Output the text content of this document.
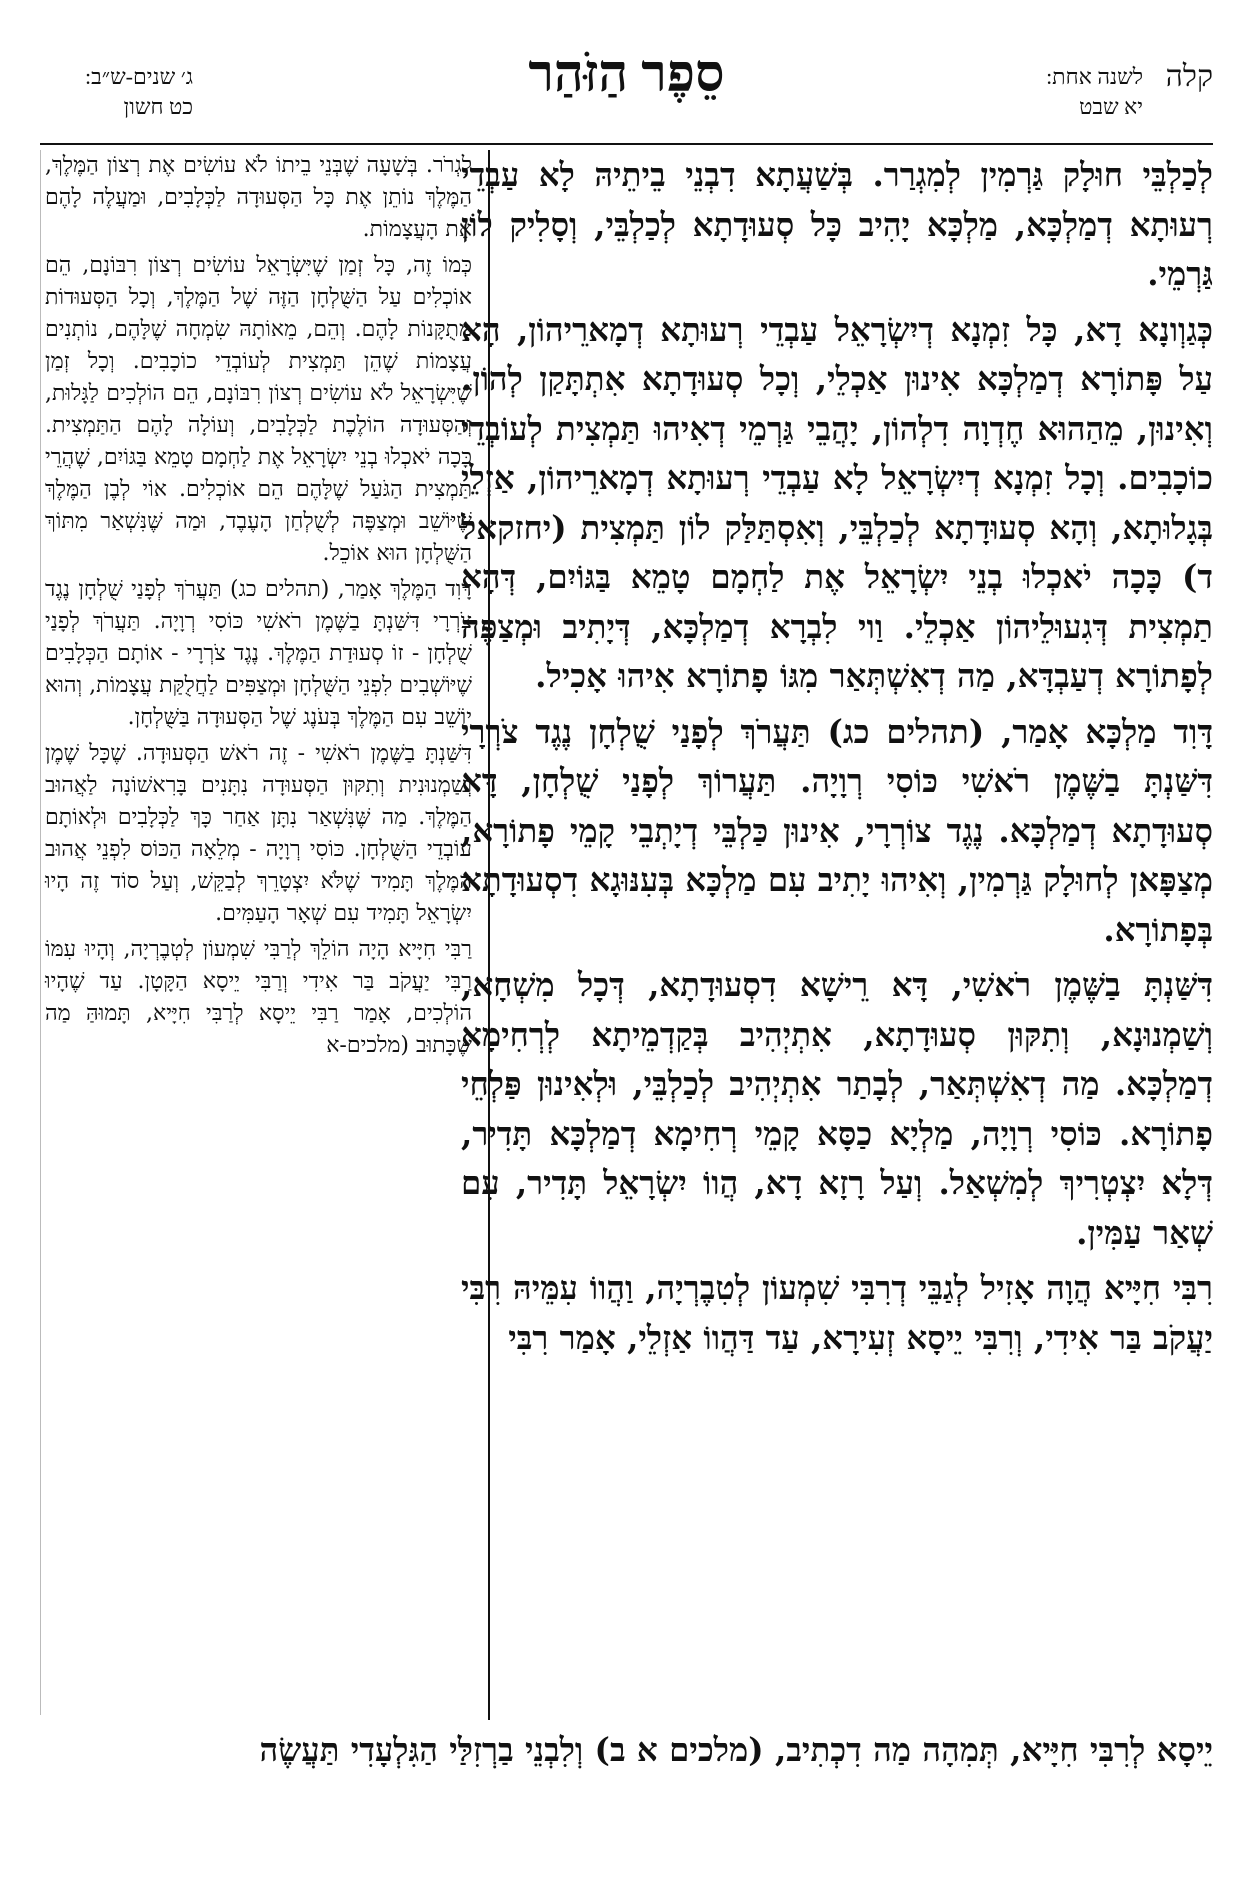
קלה
לשנה אחת:
יא שבט
סֵפֶר הַזֹּהַר
ג׳ שנים-ש״ב:
כט חשון

לְכַלְבֵּי חוּלָק גַּרְמִין לְמִגְרַר. בְּשַׁעֲתָא דִבְנֵי בֵיתֵיהּ לָא עַבְדֵי רְעוּתָא דְמַלְכָּא, מַלְכָּא יָהִיב כָּל סְעוּדָתָא לְכַלְבֵּי, וְסָלִיק לוֹן גַּרְמֵי.

כְּגַוְונָא דָא, כָּל זִמְנָא דְיִשְׂרָאֵל עַבְדֵי רְעוּתָא דְמָארֵיהוֹן, הָא עַל פָּתוֹרָא דְמַלְכָּא אִינוּן אַכְלֵי, וְכָל סְעוּדָתָא אִתְתָּקַן לְהוֹן. וְאִינוּן, מֵהַהוּא חֶדְוָה דִלְהוֹן, יָהֲבֵי גַּרְמֵי דְאִיהוּ תַּמְצִית לְעוֹבְדֵי כוֹכָבִים. וְכָל זִמְנָא דְיִשְׂרָאֵל לָא עַבְדֵי רְעוּתָא דְמָארֵיהוֹן, אַזְלֵי בְּגָלוּתָא, וְהָא סְעוּדָתָא לְכַלְבֵּי, וְאִסְתַּלַּק לוֹן תַּמְצִית (יחזקאל ד) כָּכָה יֹאכְלוּ בְנֵי יִשְׂרָאֵל אֶת לַחְמָם טָמֵא בַּגּוֹיִם, דְּהָא תַמְצִית דְּגִעוּלֵיהוֹן אַכְלֵי. וַוי לִבְרָא דְמַלְכָּא, דְּיָתִיב וּמְצַפֶּה לְפָתוֹרָא דְעַבְדָּא, מַה דְאִשְׁתְּאַר מִגּוֹ פָתוֹרָא אִיהוּ אָכִיל.

דָּוִד מַלְכָּא אָמַר, (תהלים כג) תַּעֲרֹךְ לְפָנַי שֻׁלְחָן נֶגֶד צֹרְרָי דִּשַּׁנְתָּ בַשֶּׁמֶן רֹאשִׁי כּוֹסִי רְוָיָה. תַּעֲרוֹךְ לְפָנַי שֻׁלְחָן, דָּא סְעוּדָתָא דְמַלְכָּא. נֶגֶד צוֹרְרָי, אִינוּן כַּלְבֵּי דְיָתְבֵי קָמֵי פָתוֹרָא, מְצַפָּאן לְחוּלָק גַּרְמִין, וְאִיהוּ יָתִיב עִם מַלְכָּא בְּעִנּוּגָא דִסְעוּדָתָא בְּפָתוֹרָא.

דִּשַּׁנְתָּ בַשֶּׁמֶן רֹאשִׁי, דָּא רֵישָׁא דִסְעוּדָתָא, דְּכָל מִשְׁחָא, וְשַׁמְנוּנָא, וְתִקּוּן סְעוּדָתָא, אִתְיְהִיב בְּקַדְמֵיתָא לְרְחִימָא דְמַלְכָּא. מַה דְאִשְׁתְּאַר, לְבָתַר אִתְיְהִיב לְכַלְבֵּי, וּלְאִינוּן פַּלְחֵי פָתוֹרָא. כּוֹסִי רְוָיָה, מַלְיָא כַסָּא קָמֵי רְחִימָא דְמַלְכָּא תָּדִיר, דְּלָא יִצְטְרִיךְ לְמִשְׁאַל. וְעַל רָזָא דָא, הֲווֹ יִשְׂרָאֵל תָּדִיר, עִם שְׁאַר עַמִּין.

רִבִּי חִיָּיא הֲוָה אָזִיל לְגַבֵּי דְרִבִּי שִׁמְעוֹן לְטִבֶרְיָה, וַהֲווֹ עִמֵּיהּ רִבִּי יַעֲקֹב בַּר אִידִי, וְרִבִּי יֵיסָא זְעִירָא, עַד דַּהֲווֹ אַזְלֵי, אָמַר רִבִּי

לִגְרֹר. בְּשָׁעָה שֶׁבְּנֵי בֵיתוֹ לֹא עוֹשִׂים אֶת רְצוֹן הַמֶּלֶךְ, הַמֶּלֶךְ נוֹתֵן אֶת כָּל הַסְּעוּדָה לַכְּלָבִים, וּמַעֲלֶה לָהֶם אֶת הָעֲצָמוֹת.

כְּמוֹ זֶה, כָּל זְמַן שֶׁיִּשְׂרָאֵל עוֹשִׂים רְצוֹן רִבּוֹנָם, הֵם אוֹכְלִים עַל הַשֻּׁלְחָן הַזֶּה שֶׁל הַמֶּלֶךְ, וְכָל הַסְּעוּדוֹת מְתֻקָּנוֹת לָהֶם. וְהֵם, מֵאוֹתָהּ שִׂמְחָה שֶׁלָּהֶם, נוֹתְנִים עֲצָמוֹת שֶׁהֵן תַּמְצִית לְעוֹבְדֵי כוֹכָבִים. וְכָל זְמַן שֶׁיִּשְׂרָאֵל לֹא עוֹשִׂים רְצוֹן רִבּוֹנָם, הֵם הוֹלְכִים לַגָּלוּת, וְהַסְּעוּדָה הוֹלֶכֶת לַכְּלָבִים, וְעוֹלָה לָהֶם הַתַּמְצִית. כָּכָה יֹאכְלוּ בְנֵי יִשְׂרָאֵל אֶת לַחְמָם טָמֵא בַּגּוֹיִם, שֶׁהֲרֵי תַּמְצִית הַגֹּעַל שֶׁלָּהֶם הֵם אוֹכְלִים. אוֹי לְבֶן הַמֶּלֶךְ שֶׁיּוֹשֵׁב וּמְצַפֶּה לְשֻׁלְחַן הָעֶבֶד, וּמַה שֶּׁנִּשְׁאַר מִתּוֹךְ הַשֻּׁלְחָן הוּא אוֹכֵל.

דָּוִד הַמֶּלֶךְ אָמַר, (תהלים כג) תַּעֲרֹךְ לְפָנַי שֻׁלְחָן נֶגֶד צֹרְרָי דִּשַּׁנְתָּ בַשֶּׁמֶן רֹאשִׁי כּוֹסִי רְוָיָה. תַּעֲרֹךְ לְפָנַי שֻׁלְחָן - זוֹ סְעוּדַת הַמֶּלֶךְ. נֶגֶד צֹרְרָי - אוֹתָם הַכְּלָבִים שֶׁיּוֹשְׁבִים לִפְנֵי הַשֻּׁלְחָן וּמְצַפִּים לַחֲלֻקַּת עֲצָמוֹת, וְהוּא יוֹשֵׁב עִם הַמֶּלֶךְ בְּעֹנֶג שֶׁל הַסְּעוּדָה בַּשֻּׁלְחָן.

דִּשַּׁנְתָּ בַשֶּׁמֶן רֹאשִׁי - זֶה רֹאשׁ הַסְּעוּדָה. שֶׁכָּל שֶׁמֶן וְשַׁמְנוּנִית וְתִקּוּן הַסְּעוּדָה נִתָּנִים בָּרִאשׁוֹנָה לַאֲהוּב הַמֶּלֶךְ. מַה שֶּׁנִּשְׁאַר נִתָּן אַחַר כָּךְ לַכְּלָבִים וּלְאוֹתָם עוֹבְדֵי הַשֻּׁלְחָן. כּוֹסִי רְוָיָה - מְלֵאָה הַכּוֹס לִפְנֵי אֲהוּב הַמֶּלֶךְ תָּמִיד שֶׁלֹּא יִצְטָרֵךְ לְבַקֵּשׁ, וְעַל סוֹד זֶה הָיוּ יִשְׂרָאֵל תָּמִיד עִם שְׁאָר הָעַמִּים.

רַבִּי חִיָּיא הָיָה הוֹלֵךְ לְרַבִּי שִׁמְעוֹן לְטְבֶרְיָה, וְהָיוּ עִמּוֹ רַבִּי יַעֲקֹב בַּר אִידִי וְרַבִּי יֵיסָא הַקָּטָן. עַד שֶׁהָיוּ הוֹלְכִים, אָמַר רַבִּי יֵיסָא לְרַבִּי חִיָּיא, תָּמוּהַּ מַה שֶּׁכָּתוּב (מלכים-א

יֵיסָא לְרִבִּי חִיָּיא, תְּמִהָה מַה דִכְתִיב, (מלכים א ב) וְלִבְנֵי בַרְזִלַּי הַגִּלְעָדִי תַּעֲשֶׂה
